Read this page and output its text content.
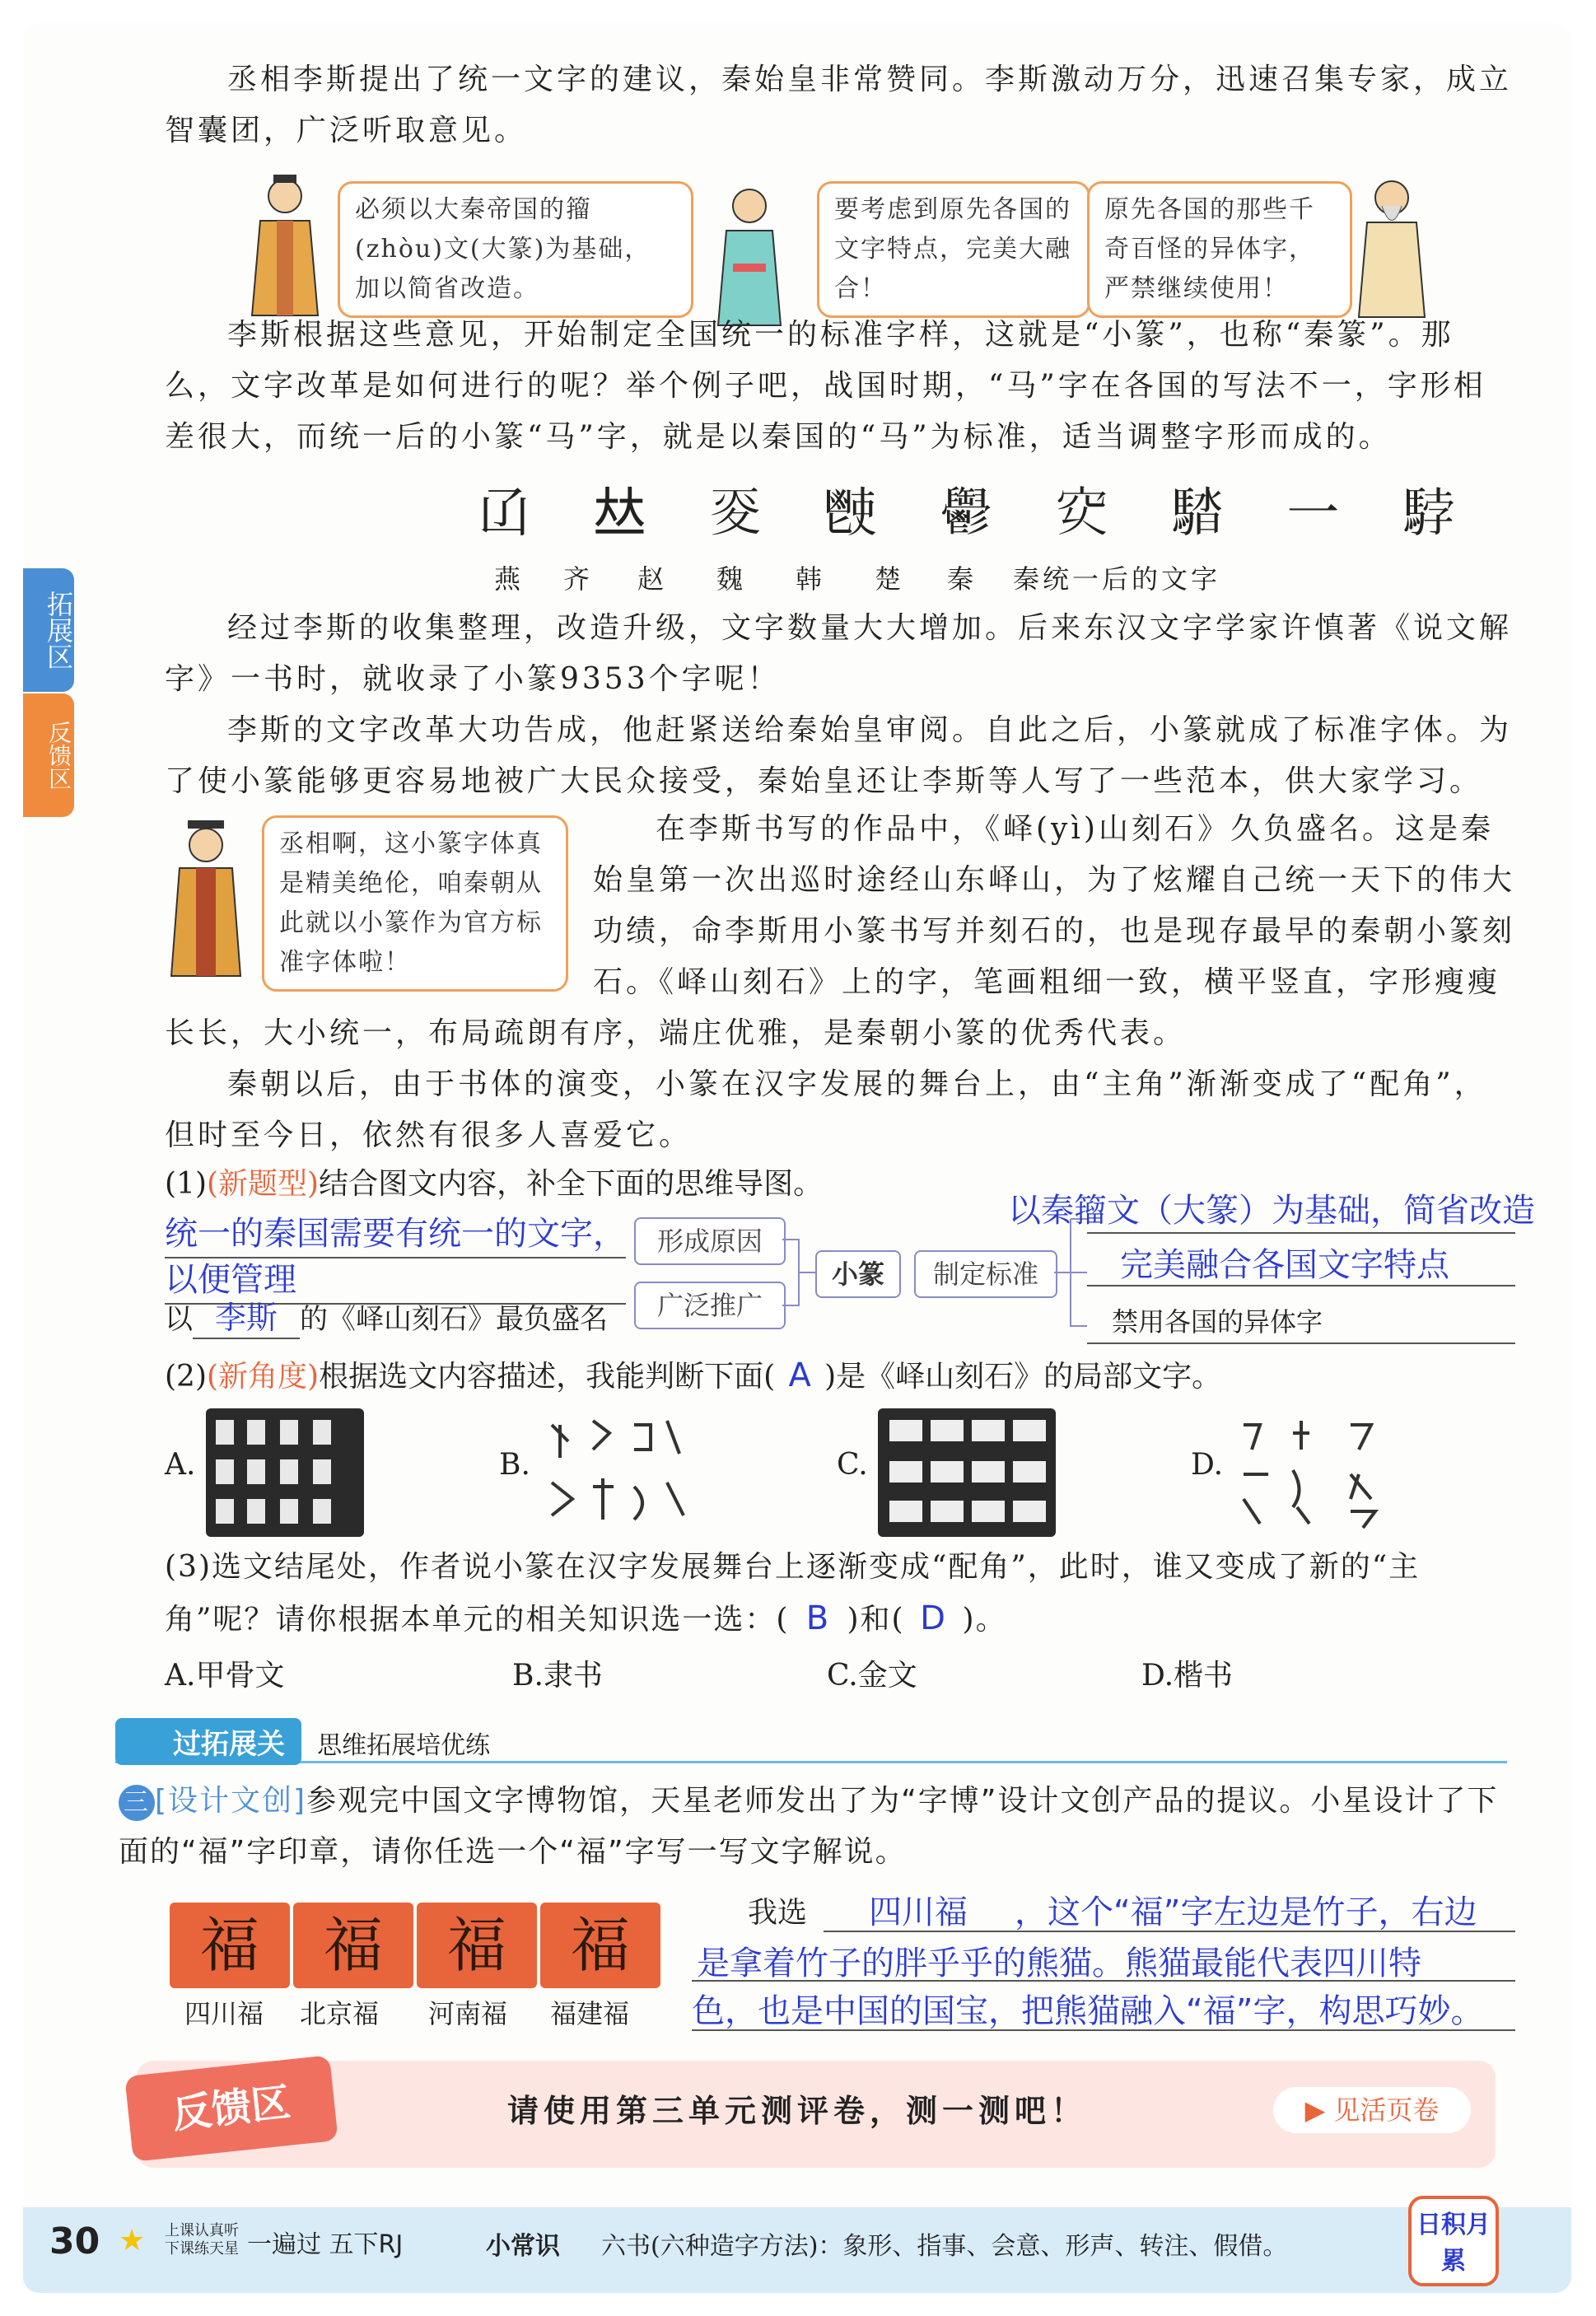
拓展区
反馈区
丞相李斯提出了统一文字的建议，秦始皇非常赞同。李斯激动万分，迅速召集专家，成立智囊团，广泛听取意见。
必须以大秦帝国的籀(zhòu)文(大篆)为基础，加以简省改造。
要考虑到原先各国的文字特点，完美大融合！
原先各国的那些千奇百怪的异体字，严禁继续使用！
李斯根据这些意见，开始制定全国统一的标准字样，这就是“小篆”，也称“秦篆”。那么，文字改革是如何进行的呢？举个例子吧，战国时期，“马”字在各国的写法不一，字形相差很大，而统一后的小篆“马”字，就是以秦国的“马”为标准，适当调整字形而成的。
𠙶 𠀤 𡕢 𩰢 𩰪 𥤳 𩣯 一 𩣡
燕 齐 赵 魏 韩 楚 秦 秦统一后的文字
经过李斯的收集整理，改造升级，文字数量大大增加。后来东汉文字学家许慎著《说文解字》一书时，就收录了小篆9353个字呢！
李斯的文字改革大功告成，他赶紧送给秦始皇审阅。自此之后，小篆就成了标准字体。为了使小篆能够更容易地被广大民众接受，秦始皇还让李斯等人写了一些范本，供大家学习。
丞相啊，这小篆字体真是精美绝伦，咱秦朝从此就以小篆作为官方标准字体啦！
在李斯书写的作品中，《峄(yì)山刻石》久负盛名。这是秦始皇第一次出巡时途经山东峄山，为了炫耀自己统一天下的伟大功绩，命李斯用小篆书写并刻石的，也是现存最早的秦朝小篆刻石。《峄山刻石》上的字，笔画粗细一致，横平竖直，字形瘦瘦长长，大小统一，布局疏朗有序，端庄优雅，是秦朝小篆的优秀代表。
秦朝以后，由于书体的演变，小篆在汉字发展的舞台上，由“主角”渐渐变成了“配角”，但时至今日，依然有很多人喜爱它。
(1)(新题型)结合图文内容，补全下面的思维导图。
统一的秦国需要有统一的文字，
以便管理
以 李斯 的《峄山刻石》最负盛名
形成原因
广泛推广
小篆	制定标准
以秦籀文（大篆）为基础，简省改造
完美融合各国文字特点
禁用各国的异体字
(2)(新角度)根据选文内容描述，我能判断下面( A )是《峄山刻石》的局部文字。
A.	B.	C.	D.
(3)选文结尾处，作者说小篆在汉字发展舞台上逐渐变成“配角”，此时，谁又变成了新的“主角”呢？请你根据本单元的相关知识选一选：( B )和( D )。
A.甲骨文	B.隶书	C.金文	D.楷书
过拓展关 思维拓展培优练
三 [设计文创]参观完中国文字博物馆，天星老师发出了为“字博”设计文创产品的提议。小星设计了下面的“福”字印章，请你任选一个“福”字写一写文字解说。
福	福	福	福
四川福 北京福 河南福 福建福
我选	四川福	，这个“福”字左边是竹子，右边
是拿着竹子的胖乎乎的熊猫。熊猫最能代表四川特
色，也是中国的国宝，把熊猫融入“福”字，构思巧妙。
反馈区	请使用第三单元测评卷，测一测吧！	▶ 见活页卷
30 ★ 上课认真听 下课练天星 一遍过 五下RJ	小常识 六书(六种造字方法)：象形、指事、会意、形声、转注、假借。
日积月累
